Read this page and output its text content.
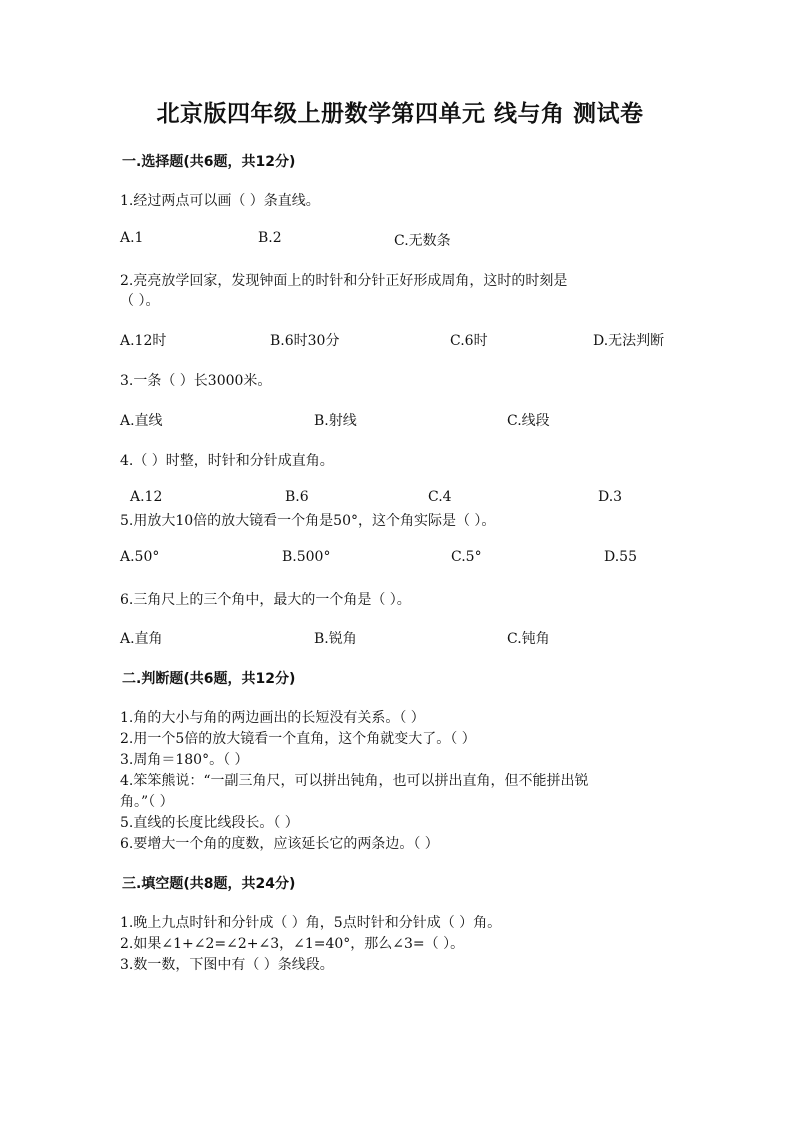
北京版四年级上册数学第四单元 线与角 测试卷
一.选择题(共6题，共12分)
1.经过两点可以画（ ）条直线。
A.1	B.2	C.无数条
2.亮亮放学回家，发现钟面上的时针和分针正好形成周角，这时的时刻是
（ ）。
A.12时	B.6时30分	C.6时	D.无法判断
3.一条（ ）长3000米。
A.直线	B.射线	C.线段
4.（ ）时整，时针和分针成直角。
A.12	B.6	C.4	D.3
5.用放大10倍的放大镜看一个角是50°，这个角实际是（ ）。
A.50°	B.500°	C.5°	D.55
6.三角尺上的三个角中，最大的一个角是（ ）。
A.直角	B.锐角	C.钝角
二.判断题(共6题，共12分)
1.角的大小与角的两边画出的长短没有关系。（ ）
2.用一个5倍的放大镜看一个直角，这个角就变大了。（ ）
3.周角＝180°。（ ）
4.笨笨熊说：“一副三角尺，可以拼出钝角，也可以拼出直角，但不能拼出锐
角。”（ ）
5.直线的长度比线段长。（ ）
6.要增大一个角的度数，应该延长它的两条边。（ ）
三.填空题(共8题，共24分)
1.晚上九点时针和分针成（ ）角，5点时针和分针成（ ）角。
2.如果∠1+∠2=∠2+∠3，∠1=40°，那么∠3=（ ）。
3.数一数，下图中有（ ）条线段。
